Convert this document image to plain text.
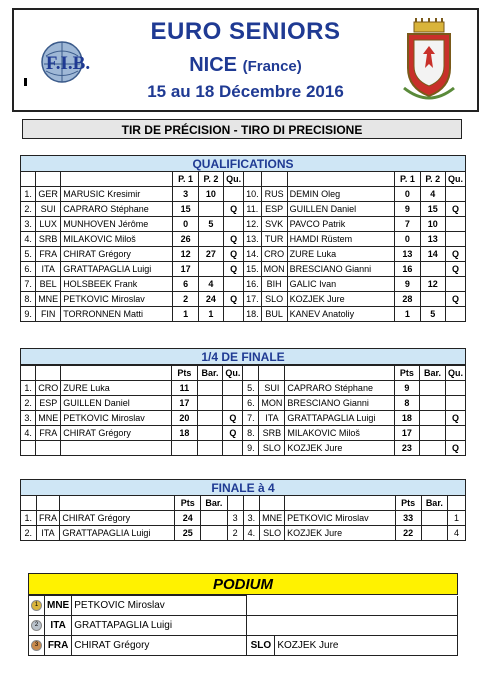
F.I.B.
EURO SENIORS
NICE (France)
15 au 18 Décembre 2016
TIR DE PRÉCISION - TIRO DI PRECISIONE
QUALIFICATIONS
			P. 1	P. 2	Qu.				P. 1	P. 2	Qu.
1.	GER	MARUSIC Kresimir	3	10		10.	RUS	DEMIN Oleg	0	4	
2.	SUI	CAPRARO Stéphane	15		Q	11.	ESP	GUILLEN Daniel	9	15	Q
3.	LUX	MUNHOVEN Jérôme	0	5		12.	SVK	PAVCO Patrik	7	10	
4.	SRB	MILAKOVIC Miloš	26		Q	13.	TUR	HAMDI Rüstem	0	13	
5.	FRA	CHIRAT Grégory	12	27	Q	14.	CRO	ZURE Luka	13	14	Q
6.	ITA	GRATTAPAGLIA Luigi	17		Q	15.	MON	BRESCIANO Gianni	16		Q
7.	BEL	HOLSBEEK Frank	6	4		16.	BIH	GALIC Ivan	9	12	
8.	MNE	PETKOVIC Miroslav	2	24	Q	17.	SLO	KOZJEK Jure	28		Q
9.	FIN	TORRONNEN Matti	1	1		18.	BUL	KANEV Anatoliy	1	5	
1/4 DE FINALE
			Pts	Bar.	Qu.				Pts	Bar.	Qu.
1.	CRO	ZURE Luka	11			5.	SUI	CAPRARO Stéphane	9		
2.	ESP	GUILLEN Daniel	17			6.	MON	BRESCIANO Gianni	8		
3.	MNE	PETKOVIC Miroslav	20		Q	7.	ITA	GRATTAPAGLIA Luigi	18		Q
4.	FRA	CHIRAT Grégory	18		Q	8.	SRB	MILAKOVIC Miloš	17		
						9.	SLO	KOZJEK Jure	23		Q
FINALE à 4
			Pts	Bar.					Pts	Bar.	
1.	FRA	CHIRAT Grégory	24		3	3.	MNE	PETKOVIC Miroslav	33		1
2.	ITA	GRATTAPAGLIA Luigi	25		2	4.	SLO	KOZJEK Jure	22		4
PODIUM
1	MNE	PETKOVIC Miroslav		
2	ITA	GRATTAPAGLIA Luigi		
3	FRA	CHIRAT Grégory	SLO	KOZJEK Jure
